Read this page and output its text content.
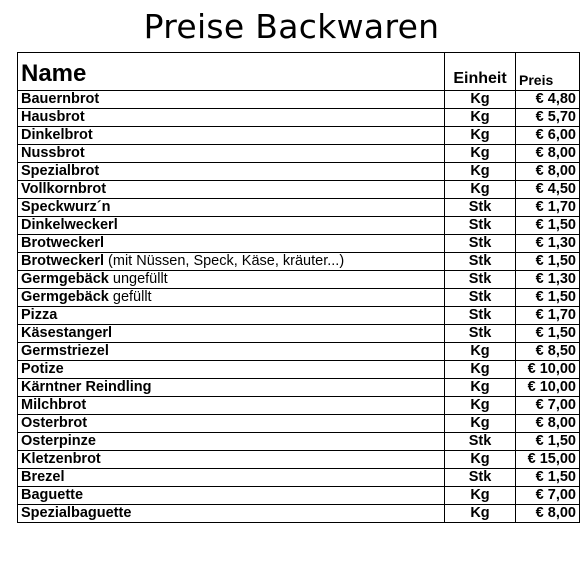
Preise Backwaren
Name	Einheit	Preis
Bauernbrot	Kg	€ 4,80
Hausbrot	Kg	€ 5,70
Dinkelbrot	Kg	€ 6,00
Nussbrot	Kg	€ 8,00
Spezialbrot	Kg	€ 8,00
Vollkornbrot	Kg	€ 4,50
Speckwurz´n	Stk	€ 1,70
Dinkelweckerl	Stk	€ 1,50
Brotweckerl	Stk	€ 1,30
Brotweckerl (mit Nüssen, Speck, Käse, kräuter...)	Stk	€ 1,50
Germgebäck ungefüllt	Stk	€ 1,30
Germgebäck gefüllt	Stk	€ 1,50
Pizza	Stk	€ 1,70
Käsestangerl	Stk	€ 1,50
Germstriezel	Kg	€ 8,50
Potize	Kg	€ 10,00
Kärntner Reindling	Kg	€ 10,00
Milchbrot	Kg	€ 7,00
Osterbrot	Kg	€ 8,00
Osterpinze	Stk	€ 1,50
Kletzenbrot	Kg	€ 15,00
Brezel	Stk	€ 1,50
Baguette	Kg	€ 7,00
Spezialbaguette	Kg	€ 8,00
